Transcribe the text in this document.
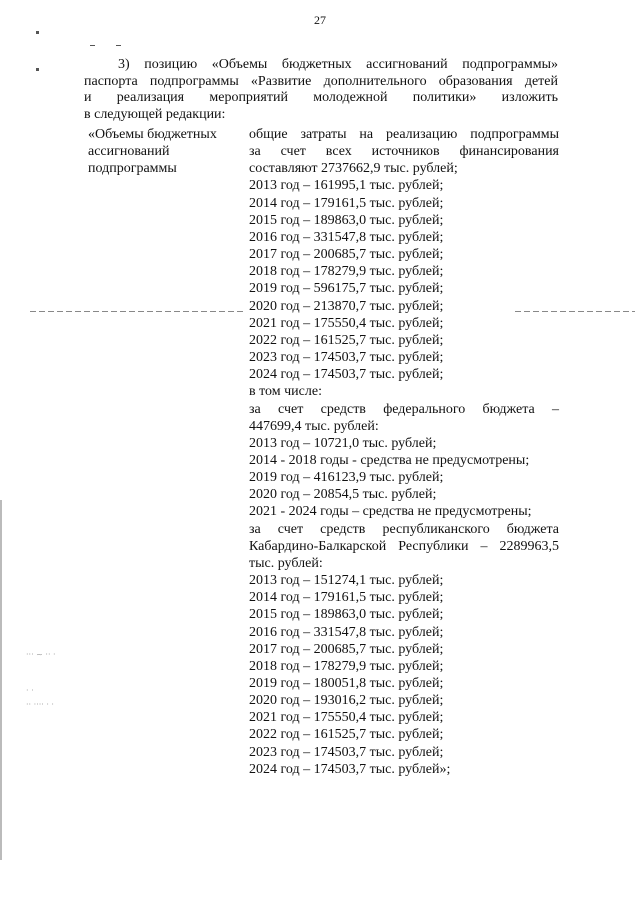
··· ~ ·· ·
· ·
·· ···· · ·
27
3) позицию «Объемы бюджетных ассигнований подпрограммы»
паспорта подпрограммы «Развитие дополнительного образования детей
и реализация мероприятий молодежной политики» изложить
в следующей редакции:
«Объемы бюджетных
ассигнований
подпрограммы
общие затраты на реализацию подпрограммы
за счет всех источников финансирования
составляют 2737662,9 тыс. рублей;
2013 год – 161995,1 тыс. рублей;
2014 год – 179161,5 тыс. рублей;
2015 год – 189863,0 тыс. рублей;
2016 год – 331547,8 тыс. рублей;
2017 год – 200685,7 тыс. рублей;
2018 год – 178279,9 тыс. рублей;
2019 год – 596175,7 тыс. рублей;
2020 год – 213870,7 тыс. рублей;
2021 год – 175550,4 тыс. рублей;
2022 год – 161525,7 тыс. рублей;
2023 год – 174503,7 тыс. рублей;
2024 год – 174503,7 тыс. рублей;
в том числе:
за счет средств федерального бюджета –
447699,4 тыс. рублей:
2013 год – 10721,0 тыс. рублей;
2014 - 2018 годы - средства не предусмотрены;
2019 год – 416123,9 тыс. рублей;
2020 год – 20854,5 тыс. рублей;
2021 - 2024 годы – средства не предусмотрены;
за счет средств республиканского бюджета
Кабардино-Балкарской Республики – 2289963,5
тыс. рублей:
2013 год – 151274,1 тыс. рублей;
2014 год – 179161,5 тыс. рублей;
2015 год – 189863,0 тыс. рублей;
2016 год – 331547,8 тыс. рублей;
2017 год – 200685,7 тыс. рублей;
2018 год – 178279,9 тыс. рублей;
2019 год – 180051,8 тыс. рублей;
2020 год – 193016,2 тыс. рублей;
2021 год – 175550,4 тыс. рублей;
2022 год – 161525,7 тыс. рублей;
2023 год – 174503,7 тыс. рублей;
2024 год – 174503,7 тыс. рублей»;
